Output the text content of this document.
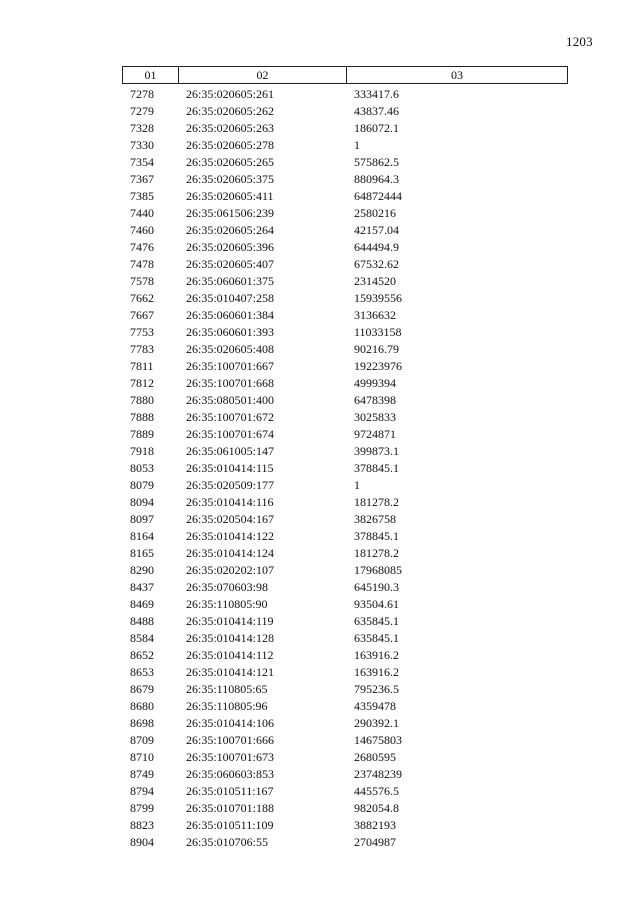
1203
01	02	03
7278	26:35:020605:261	333417.6
7279	26:35:020605:262	43837.46
7328	26:35:020605:263	186072.1
7330	26:35:020605:278	1
7354	26:35:020605:265	575862.5
7367	26:35:020605:375	880964.3
7385	26:35:020605:411	64872444
7440	26:35:061506:239	2580216
7460	26:35:020605:264	42157.04
7476	26:35:020605:396	644494.9
7478	26:35:020605:407	67532.62
7578	26:35:060601:375	2314520
7662	26:35:010407:258	15939556
7667	26:35:060601:384	3136632
7753	26:35:060601:393	11033158
7783	26:35:020605:408	90216.79
7811	26:35:100701:667	19223976
7812	26:35:100701:668	4999394
7880	26:35:080501:400	6478398
7888	26:35:100701:672	3025833
7889	26:35:100701:674	9724871
7918	26:35:061005:147	399873.1
8053	26:35:010414:115	378845.1
8079	26:35:020509:177	1
8094	26:35:010414:116	181278.2
8097	26:35:020504:167	3826758
8164	26:35:010414:122	378845.1
8165	26:35:010414:124	181278.2
8290	26:35:020202:107	17968085
8437	26:35:070603:98	645190.3
8469	26:35:110805:90	93504.61
8488	26:35:010414:119	635845.1
8584	26:35:010414:128	635845.1
8652	26:35:010414:112	163916.2
8653	26:35:010414:121	163916.2
8679	26:35:110805:65	795236.5
8680	26:35:110805:96	4359478
8698	26:35:010414:106	290392.1
8709	26:35:100701:666	14675803
8710	26:35:100701:673	2680595
8749	26:35:060603:853	23748239
8794	26:35:010511:167	445576.5
8799	26:35:010701:188	982054.8
8823	26:35:010511:109	3882193
8904	26:35:010706:55	2704987
